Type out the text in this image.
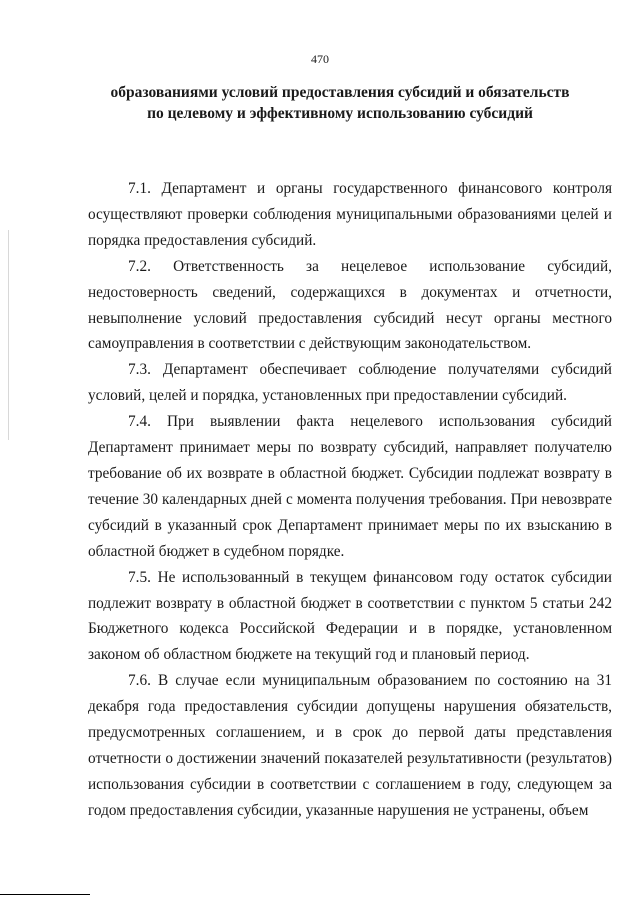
470
образованиями условий предоставления субсидий и обязательств
по целевому и эффективному использованию субсидий

7.1. Департамент и органы государственного финансового контроля осуществляют проверки соблюдения муниципальными образованиями целей и порядка предоставления субсидий.

7.2. Ответственность за нецелевое использование субсидий, недостоверность сведений, содержащихся в документах и отчетности, невыполнение условий предоставления субсидий несут органы местного самоуправления в соответствии с действующим законодательством.

7.3. Департамент обеспечивает соблюдение получателями субсидий условий, целей и порядка, установленных при предоставлении субсидий.

7.4. При выявлении факта нецелевого использования субсидий Департамент принимает меры по возврату субсидий, направляет получателю требование об их возврате в областной бюджет. Субсидии подлежат возврату в течение 30 календарных дней с момента получения требования. При невозврате субсидий в указанный срок Департамент принимает меры по их взысканию в областной бюджет в судебном порядке.

7.5. Не использованный в текущем финансовом году остаток субсидии подлежит возврату в областной бюджет в соответствии с пунктом 5 статьи 242 Бюджетного кодекса Российской Федерации и в порядке, установленном законом об областном бюджете на текущий год и плановый период.

7.6. В случае если муниципальным образованием по состоянию на 31 декабря года предоставления субсидии допущены нарушения обязательств, предусмотренных соглашением, и в срок до первой даты представления отчетности о достижении значений показателей результативности (результатов) использования субсидии в соответствии с соглашением в году, следующем за годом предоставления субсидии, указанные нарушения не устранены, объем
